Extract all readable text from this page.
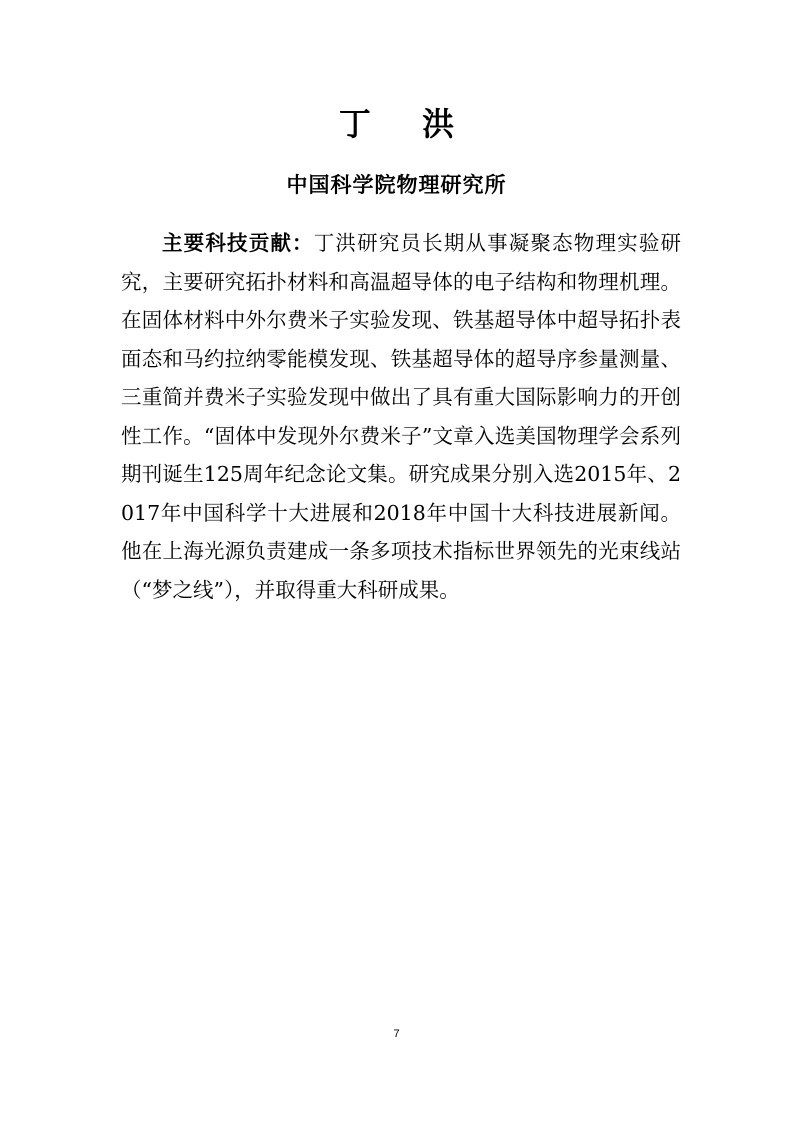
丁 洪
中国科学院物理研究所
主要科技贡献：丁洪研究员长期从事凝聚态物理实验研究，主要研究拓扑材料和高温超导体的电子结构和物理机理。在固体材料中外尔费米子实验发现、铁基超导体中超导拓扑表面态和马约拉纳零能模发现、铁基超导体的超导序参量测量、三重简并费米子实验发现中做出了具有重大国际影响力的开创性工作。“固体中发现外尔费米子”文章入选美国物理学会系列期刊诞生125周年纪念论文集。研究成果分别入选2015年、2017年中国科学十大进展和2018年中国十大科技进展新闻。他在上海光源负责建成一条多项技术指标世界领先的光束线站（“梦之线”），并取得重大科研成果。
7
